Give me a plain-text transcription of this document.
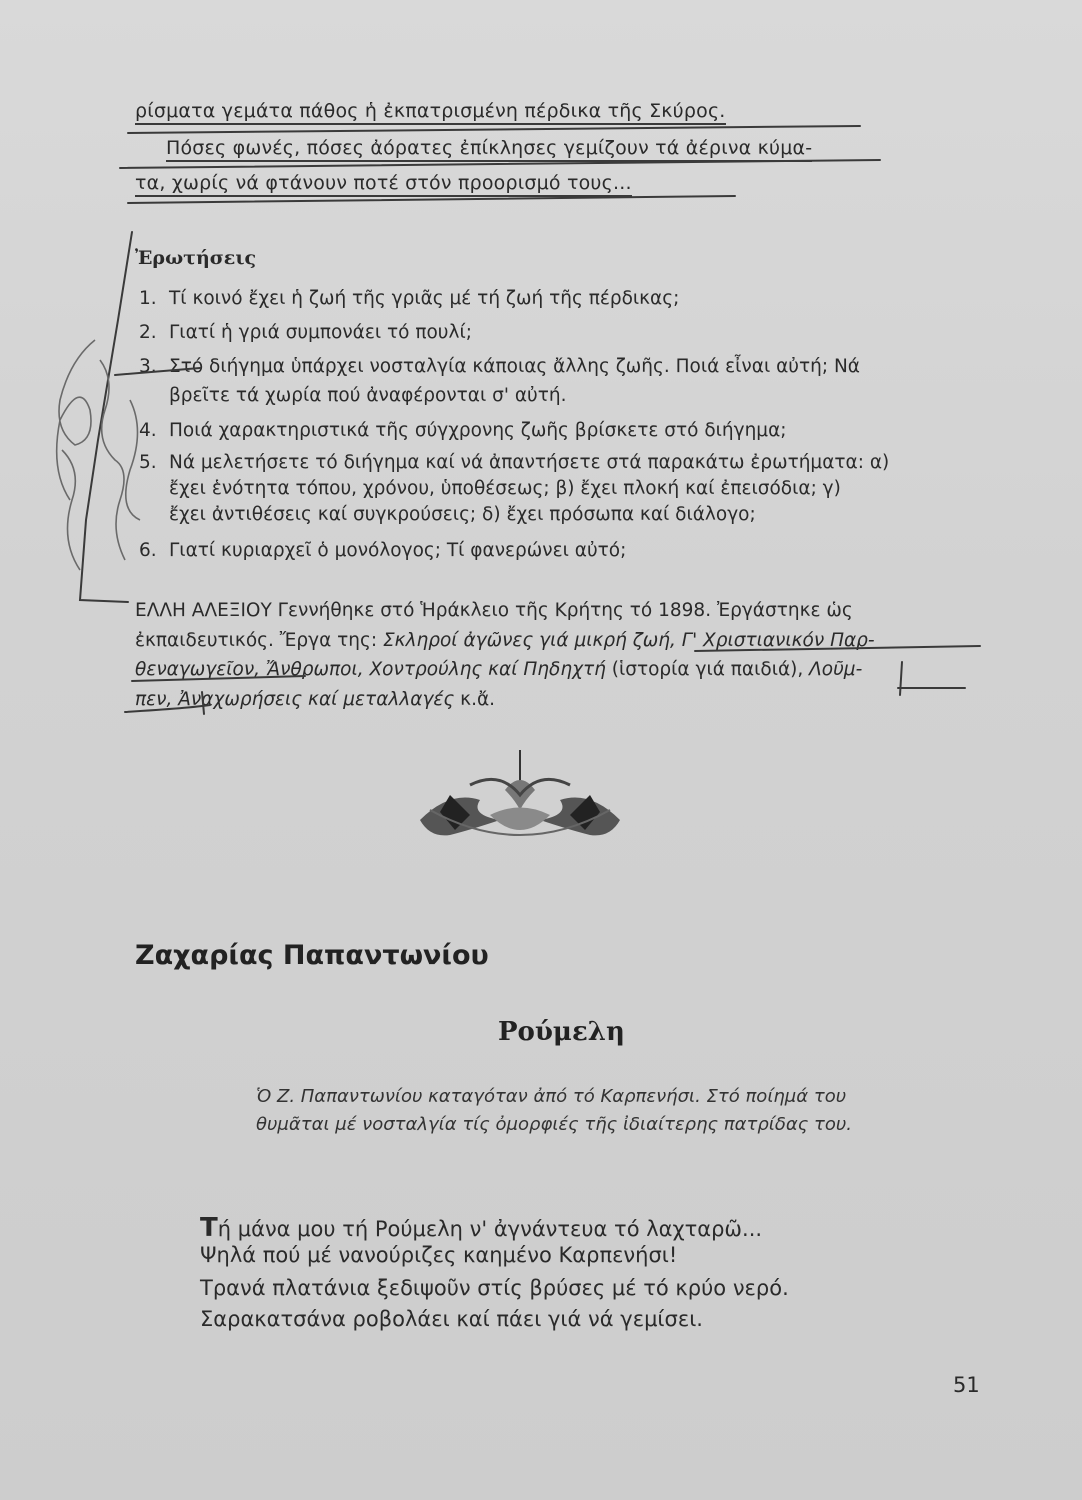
ρίσματα γεμάτα πάθος ἡ ἐκπατρισμένη πέρδικα τῆς Σκύρος.
Πόσες φωνές, πόσες ἀόρατες ἐπίκλησες γεμίζουν τά ἀέρινα κύμα-
τα, χωρίς νά φτάνουν ποτέ στόν προορισμό τους...
Ἐρωτήσεις
1. Τί κοινό ἔχει ἡ ζωή τῆς γριᾶς μέ τή ζωή τῆς πέρδικας;
2. Γιατί ἡ γριά συμπονάει τό πουλί;
3. Στό διήγημα ὑπάρχει νοσταλγία κάποιας ἄλλης ζωῆς. Ποιά εἶναι αὐτή; Νά
βρεῖτε τά χωρία πού ἀναφέρονται σ' αὐτή.
4. Ποιά χαρακτηριστικά τῆς σύγχρονης ζωῆς βρίσκετε στό διήγημα;
5. Νά μελετήσετε τό διήγημα καί νά ἀπαντήσετε στά παρακάτω ἐρωτήματα: α)
ἔχει ἑνότητα τόπου, χρόνου, ὑποθέσεως; β) ἔχει πλοκή καί ἐπεισόδια; γ)
ἔχει ἀντιθέσεις καί συγκρούσεις; δ) ἔχει πρόσωπα καί διάλογο;
6. Γιατί κυριαρχεῖ ὁ μονόλογος; Τί φανερώνει αὐτό;
ΕΛΛΗ ΑΛΕΞΙΟΥ Γεννήθηκε στό Ἡράκλειο τῆς Κρήτης τό 1898. Ἐργάστηκε ὡς
ἐκπαιδευτικός. Ἔργα της: Σκληροί ἀγῶνες γιά μικρή ζωή, Γ' Χριστιανικόν Παρ-
θεναγωγεῖον, Ἄνθρωποι, Χοντρούλης καί Πηδηχτή (ἱστορία γιά παιδιά), Λοῦμ-
πεν, Ἀναχωρήσεις καί μεταλλαγές κ.ἄ.
Ζαχαρίας Παπαντωνίου
Ρούμελη
Ὁ Ζ. Παπαντωνίου καταγόταν ἀπό τό Καρπενήσι. Στό ποίημά του
θυμᾶται μέ νοσταλγία τίς ὀμορφιές τῆς ἰδιαίτερης πατρίδας του.
Τή μάνα μου τή Ρούμελη ν' ἀγνάντευα τό λαχταρῶ...
Ψηλά πού μέ νανούριζες καημένο Καρπενήσι!
Τρανά πλατάνια ξεδιψοῦν στίς βρύσες μέ τό κρύο νερό.
Σαρακατσάνα ροβολάει καί πάει γιά νά γεμίσει.
51
